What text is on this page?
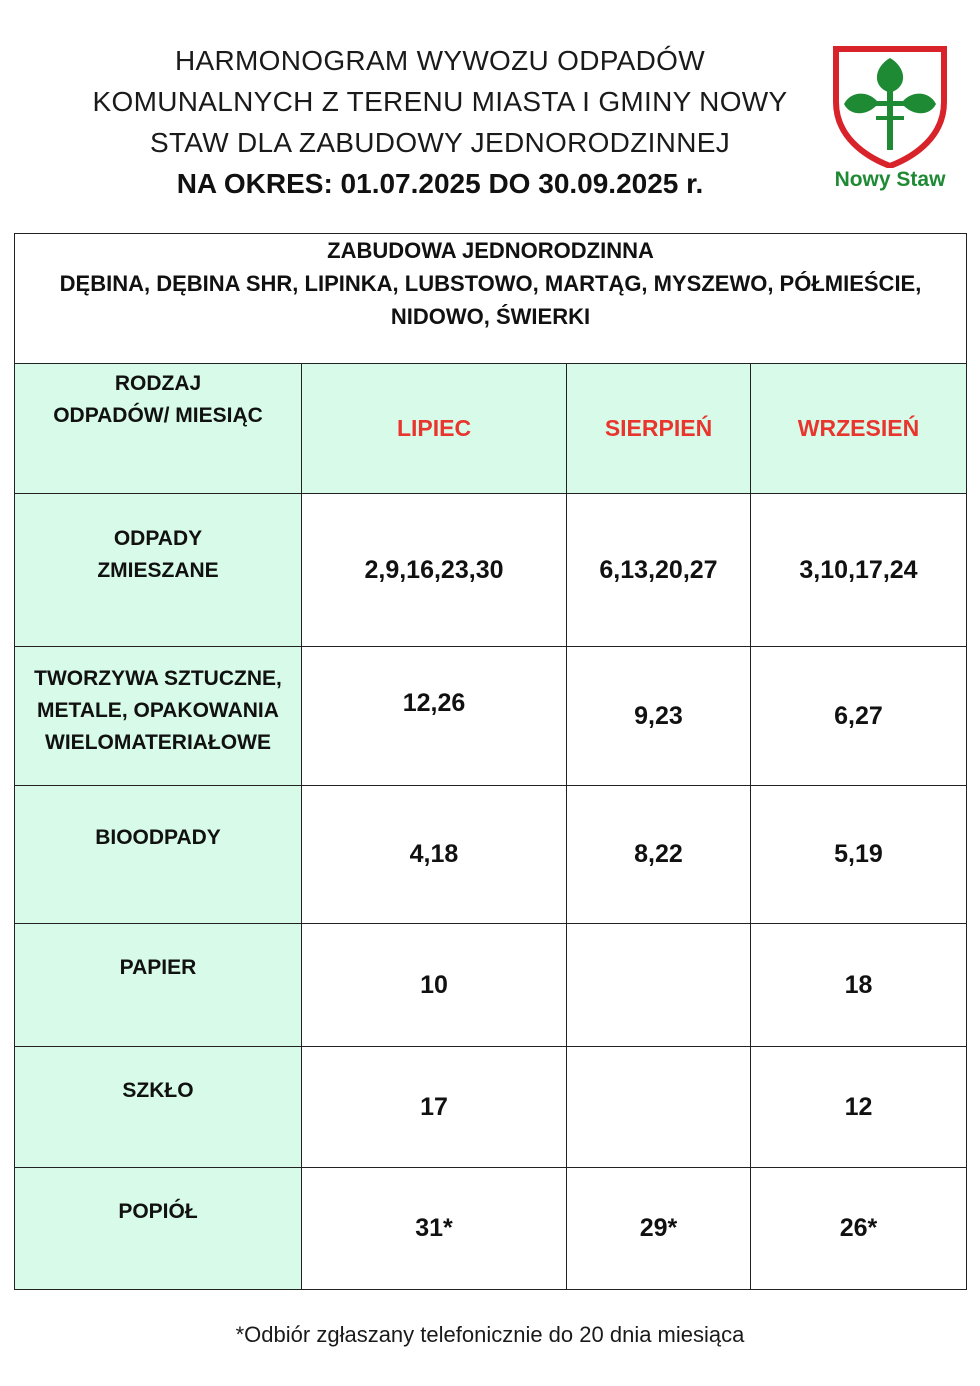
HARMONOGRAM WYWOZU ODPADÓW
KOMUNALNYCH Z TERENU MIASTA I GMINY NOWY
STAW DLA ZABUDOWY JEDNORODZINNEJ
NA OKRES: 01.07.2025 DO 30.09.2025 r.	Nowy Staw
ZABUDOWA JEDNORODZINNA
DĘBINA, DĘBINA SHR, LIPINKA, LUBSTOWO, MARTĄG, MYSZEWO, PÓŁMIEŚCIE,
NIDOWO, ŚWIERKI			

RODZAJ
ODPADÓW/ MIESIĄC	LIPIEC	SIERPIEŃ	WRZESIEŃ

ODPADY
ZMIESZANE	2,9,16,23,30	6,13,20,27	3,10,17,24

TWORZYWA SZTUCZNE,
METALE, OPAKOWANIA
WIELOMATERIAŁOWE	12,26	9,23	6,27

BIOODPADY	4,18	8,22	5,19

PAPIER	10		18

SZKŁO	17		12

POPIÓŁ	31*	29*	26*
*Odbiór zgłaszany telefonicznie do 20 dnia miesiąca
